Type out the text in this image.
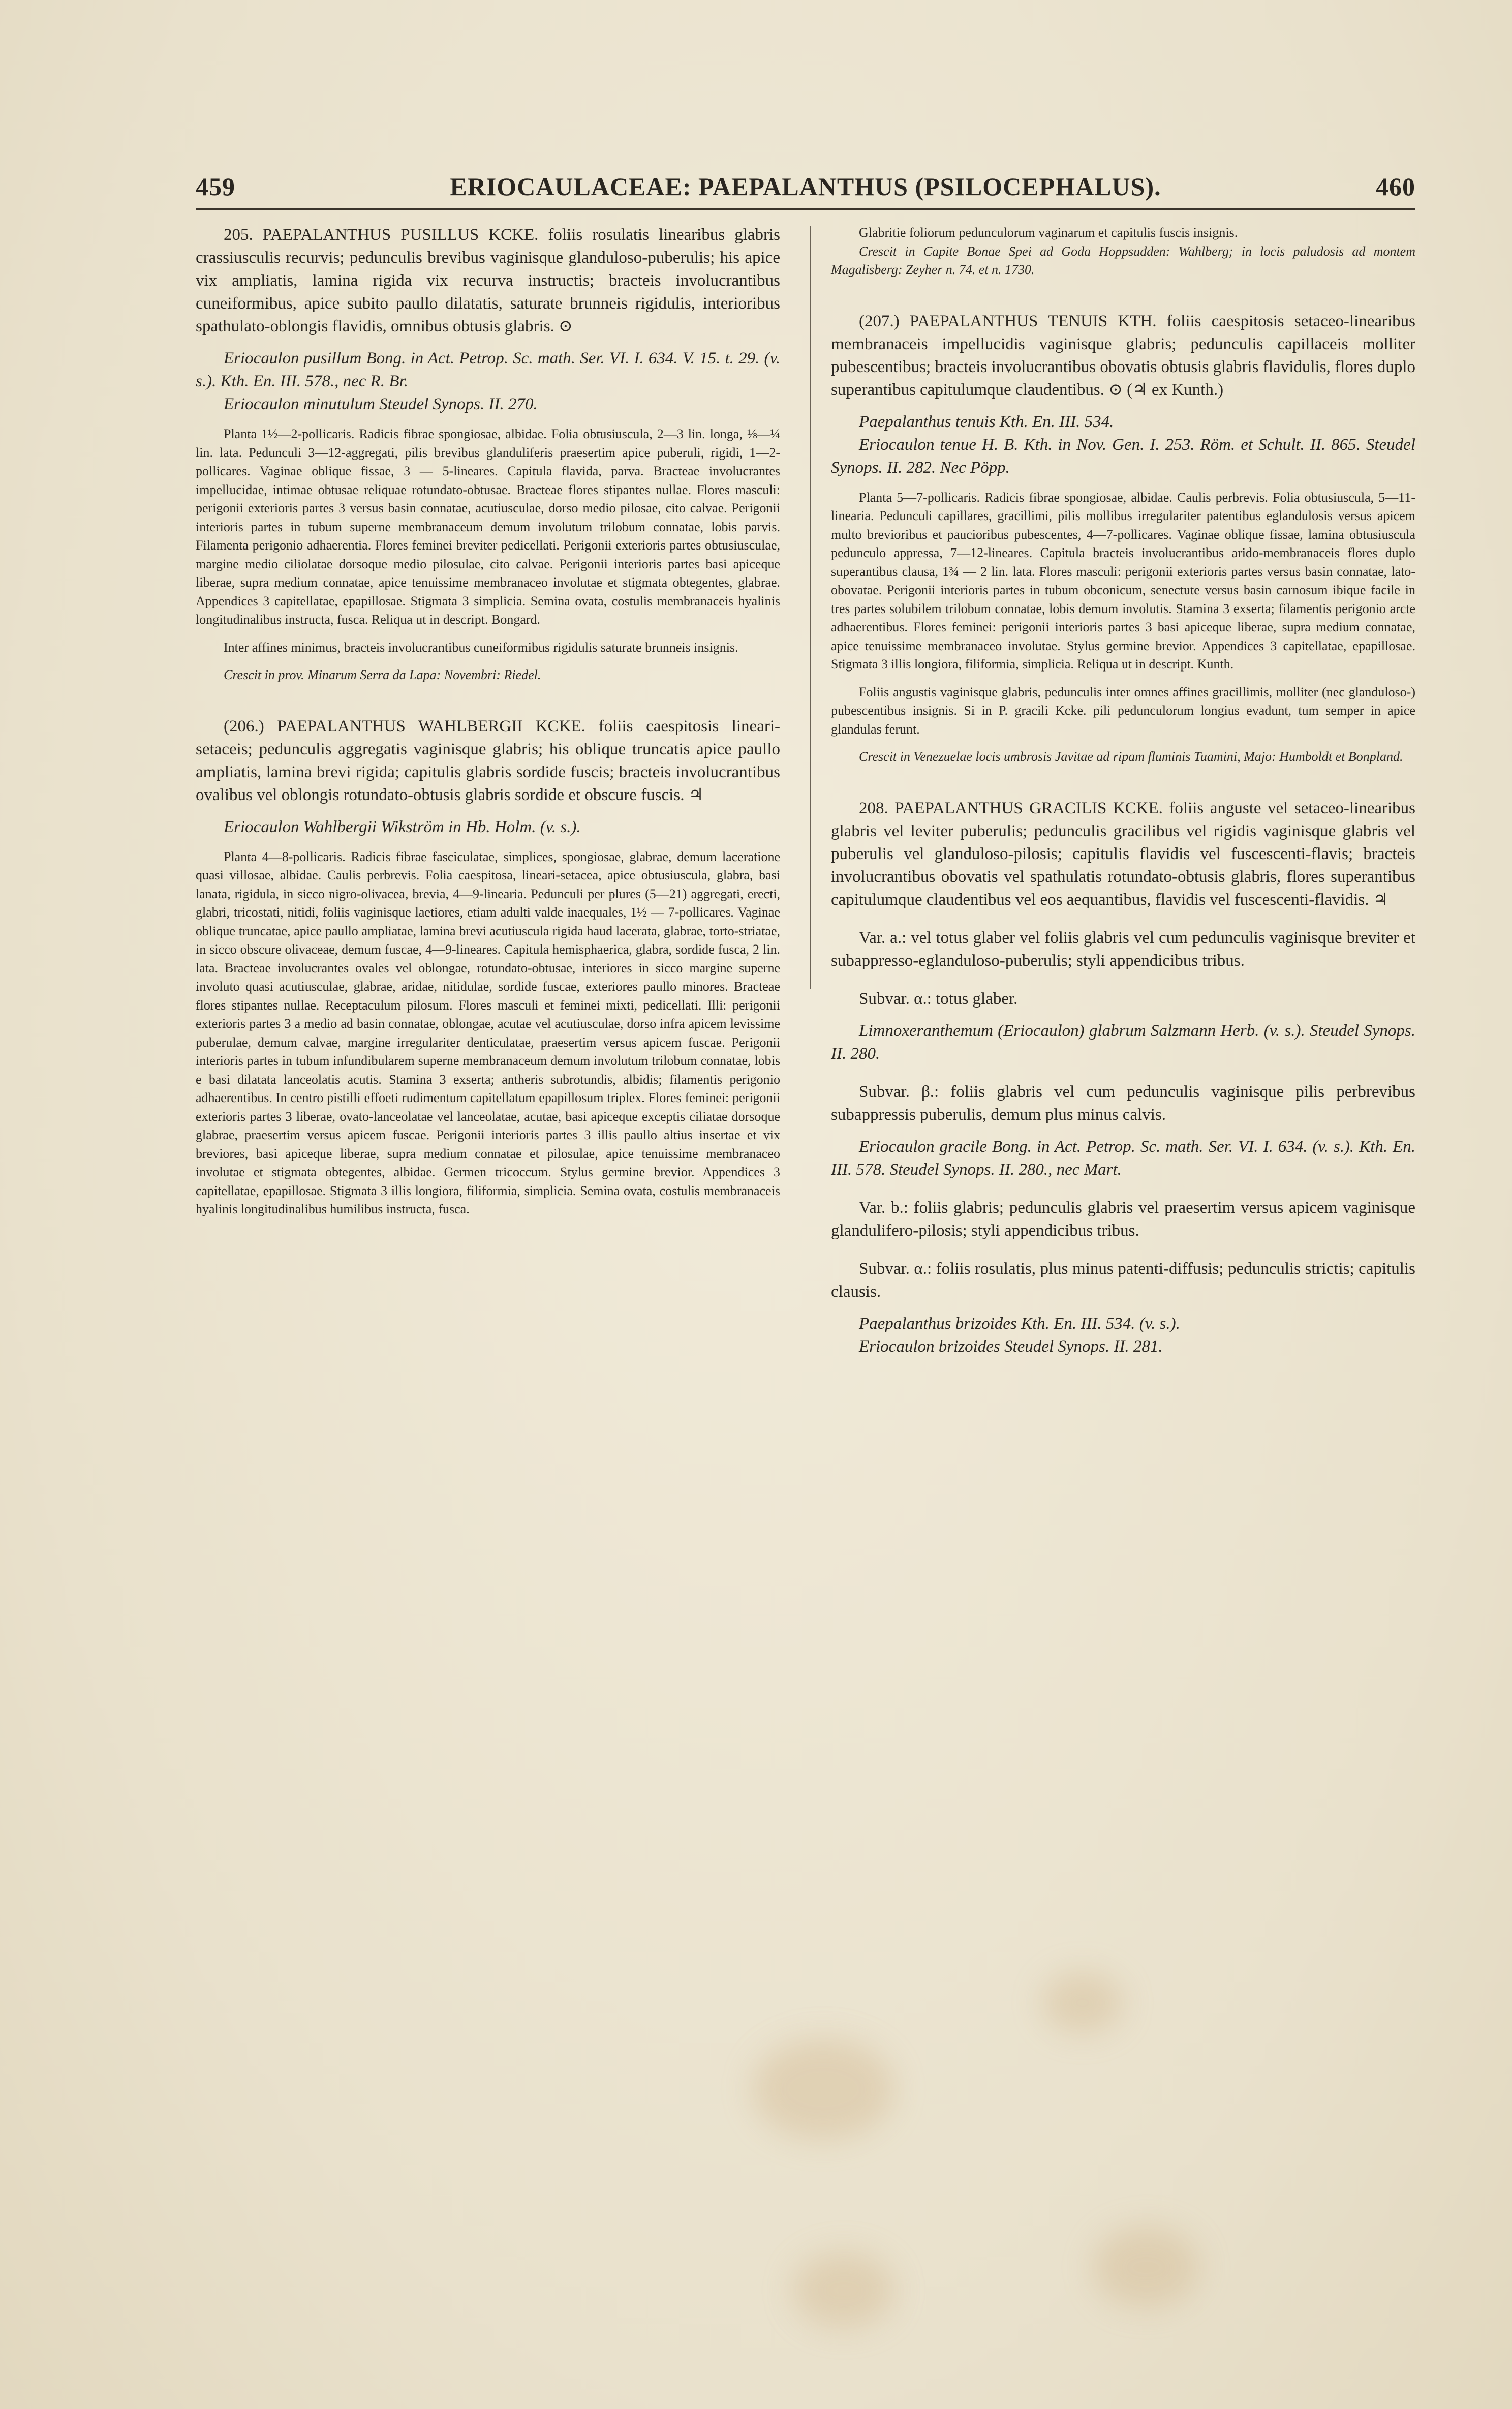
459	ERIOCAULACEAE: PAEPALANTHUS (PSILOCEPHALUS).	460

205. PAEPALANTHUS PUSILLUS KCKE. foliis rosulatis linearibus glabris crassiusculis recurvis; pedunculis brevibus vaginisque glanduloso-puberulis; his apice vix ampliatis, lamina rigida vix recurva instructis; bracteis involucrantibus cuneiformibus, apice subito paullo dilatatis, saturate brunneis rigidulis, interioribus spathulato-oblongis flavidis, omnibus obtusis glabris. ⊙

Eriocaulon pusillum Bong. in Act. Petrop. Sc. math. Ser. VI. I. 634. V. 15. t. 29. (v. s.). Kth. En. III. 578., nec R. Br.

Eriocaulon minutulum Steudel Synops. II. 270.

Planta 1½—2-pollicaris. Radicis fibrae spongiosae, albidae. Folia obtusiuscula, 2—3 lin. longa, ⅛—¼ lin. lata. Pedunculi 3—12-aggregati, pilis brevibus glanduliferis praesertim apice puberuli, rigidi, 1—2-pollicares. Vaginae oblique fissae, 3 — 5-lineares. Capitula flavida, parva. Bracteae involucrantes impellucidae, intimae obtusae reliquae rotundato-obtusae. Bracteae flores stipantes nullae. Flores masculi: perigonii exterioris partes 3 versus basin connatae, acutiusculae, dorso medio pilosae, cito calvae. Perigonii interioris partes in tubum superne membranaceum demum involutum trilobum connatae, lobis parvis. Filamenta perigonio adhaerentia. Flores feminei breviter pedicellati. Perigonii exterioris partes obtusiusculae, margine medio ciliolatae dorsoque medio pilosulae, cito calvae. Perigonii interioris partes basi apiceque liberae, supra medium connatae, apice tenuissime membranaceo involutae et stigmata obtegentes, glabrae. Appendices 3 capitellatae, epapillosae. Stigmata 3 simplicia. Semina ovata, costulis membranaceis hyalinis longitudinalibus instructa, fusca. Reliqua ut in descript. Bongard.

Inter affines minimus, bracteis involucrantibus cuneiformibus rigidulis saturate brunneis insignis.

Crescit in prov. Minarum Serra da Lapa: Novembri: Riedel.

(206.) PAEPALANTHUS WAHLBERGII KCKE. foliis caespitosis lineari-setaceis; pedunculis aggregatis vaginisque glabris; his oblique truncatis apice paullo ampliatis, lamina brevi rigida; capitulis glabris sordide fuscis; bracteis involucrantibus ovalibus vel oblongis rotundato-obtusis glabris sordide et obscure fuscis. ♃

Eriocaulon Wahlbergii Wikström in Hb. Holm. (v. s.).

Planta 4—8-pollicaris. Radicis fibrae fasciculatae, simplices, spongiosae, glabrae, demum laceratione quasi villosae, albidae. Caulis perbrevis. Folia caespitosa, lineari-setacea, apice obtusiuscula, glabra, basi lanata, rigidula, in sicco nigro-olivacea, brevia, 4—9-linearia. Pedunculi per plures (5—21) aggregati, erecti, glabri, tricostati, nitidi, foliis vaginisque laetiores, etiam adulti valde inaequales, 1½ — 7-pollicares. Vaginae oblique truncatae, apice paullo ampliatae, lamina brevi acutiuscula rigida haud lacerata, glabrae, torto-striatae, in sicco obscure olivaceae, demum fuscae, 4—9-lineares. Capitula hemisphaerica, glabra, sordide fusca, 2 lin. lata. Bracteae involucrantes ovales vel oblongae, rotundato-obtusae, interiores in sicco margine superne involuto quasi acutiusculae, glabrae, aridae, nitidulae, sordide fuscae, exteriores paullo minores. Bracteae flores stipantes nullae. Receptaculum pilosum. Flores masculi et feminei mixti, pedicellati. Illi: perigonii exterioris partes 3 a medio ad basin connatae, oblongae, acutae vel acutiusculae, dorso infra apicem levissime puberulae, demum calvae, margine irregulariter denticulatae, praesertim versus apicem fuscae. Perigonii interioris partes in tubum infundibularem superne membranaceum demum involutum trilobum connatae, lobis e basi dilatata lanceolatis acutis. Stamina 3 exserta; antheris subrotundis, albidis; filamentis perigonio adhaerentibus. In centro pistilli effoeti rudimentum capitellatum epapillosum triplex. Flores feminei: perigonii exterioris partes 3 liberae, ovato-lanceolatae vel lanceolatae, acutae, basi apiceque exceptis ciliatae dorsoque glabrae, praesertim versus apicem fuscae. Perigonii interioris partes 3 illis paullo altius insertae et vix breviores, basi apiceque liberae, supra medium connatae et pilosulae, apice tenuissime membranaceo involutae et stigmata obtegentes, albidae. Germen tricoccum. Stylus germine brevior. Appendices 3 capitellatae, epapillosae. Stigmata 3 illis longiora, filiformia, simplicia. Semina ovata, costulis membranaceis hyalinis longitudinalibus humilibus instructa, fusca.

Glabritie foliorum pedunculorum vaginarum et capitulis fuscis insignis.

Crescit in Capite Bonae Spei ad Goda Hoppsudden: Wahlberg; in locis paludosis ad montem Magalisberg: Zeyher n. 74. et n. 1730.

(207.) PAEPALANTHUS TENUIS KTH. foliis caespitosis setaceo-linearibus membranaceis impellucidis vaginisque glabris; pedunculis capillaceis molliter pubescentibus; bracteis involucrantibus obovatis obtusis glabris flavidulis, flores duplo superantibus capitulumque claudentibus. ⊙ (♃ ex Kunth.)

Paepalanthus tenuis Kth. En. III. 534.

Eriocaulon tenue H. B. Kth. in Nov. Gen. I. 253. Röm. et Schult. II. 865. Steudel Synops. II. 282. Nec Pöpp.

Planta 5—7-pollicaris. Radicis fibrae spongiosae, albidae. Caulis perbrevis. Folia obtusiuscula, 5—11-linearia. Pedunculi capillares, gracillimi, pilis mollibus irregulariter patentibus eglandulosis versus apicem multo brevioribus et paucioribus pubescentes, 4—7-pollicares. Vaginae oblique fissae, lamina obtusiuscula pedunculo appressa, 7—12-lineares. Capitula bracteis involucrantibus arido-membranaceis flores duplo superantibus clausa, 1¾ — 2 lin. lata. Flores masculi: perigonii exterioris partes versus basin connatae, lato-obovatae. Perigonii interioris partes in tubum obconicum, senectute versus basin carnosum ibique facile in tres partes solubilem trilobum connatae, lobis demum involutis. Stamina 3 exserta; filamentis perigonio arcte adhaerentibus. Flores feminei: perigonii interioris partes 3 basi apiceque liberae, supra medium connatae, apice tenuissime membranaceo involutae. Stylus germine brevior. Appendices 3 capitellatae, epapillosae. Stigmata 3 illis longiora, filiformia, simplicia. Reliqua ut in descript. Kunth.

Foliis angustis vaginisque glabris, pedunculis inter omnes affines gracillimis, molliter (nec glanduloso-) pubescentibus insignis. Si in P. gracili Kcke. pili pedunculorum longius evadunt, tum semper in apice glandulas ferunt.

Crescit in Venezuelae locis umbrosis Javitae ad ripam fluminis Tuamini, Majo: Humboldt et Bonpland.

208. PAEPALANTHUS GRACILIS KCKE. foliis anguste vel setaceo-linearibus glabris vel leviter puberulis; pedunculis gracilibus vel rigidis vaginisque glabris vel puberulis vel glanduloso-pilosis; capitulis flavidis vel fuscescenti-flavis; bracteis involucrantibus obovatis vel spathulatis rotundato-obtusis glabris, flores superantibus capitulumque claudentibus vel eos aequantibus, flavidis vel fuscescenti-flavidis. ♃

Var. a.: vel totus glaber vel foliis glabris vel cum pedunculis vaginisque breviter et subappresso-eglanduloso-puberulis; styli appendicibus tribus.

Subvar. α.: totus glaber.

Limnoxeranthemum (Eriocaulon) glabrum Salzmann Herb. (v. s.). Steudel Synops. II. 280.

Subvar. β.: foliis glabris vel cum pedunculis vaginisque pilis perbrevibus subappressis puberulis, demum plus minus calvis.

Eriocaulon gracile Bong. in Act. Petrop. Sc. math. Ser. VI. I. 634. (v. s.). Kth. En. III. 578. Steudel Synops. II. 280., nec Mart.

Var. b.: foliis glabris; pedunculis glabris vel praesertim versus apicem vaginisque glandulifero-pilosis; styli appendicibus tribus.

Subvar. α.: foliis rosulatis, plus minus patenti-diffusis; pedunculis strictis; capitulis clausis.

Paepalanthus brizoides Kth. En. III. 534. (v. s.).

Eriocaulon brizoides Steudel Synops. II. 281.
